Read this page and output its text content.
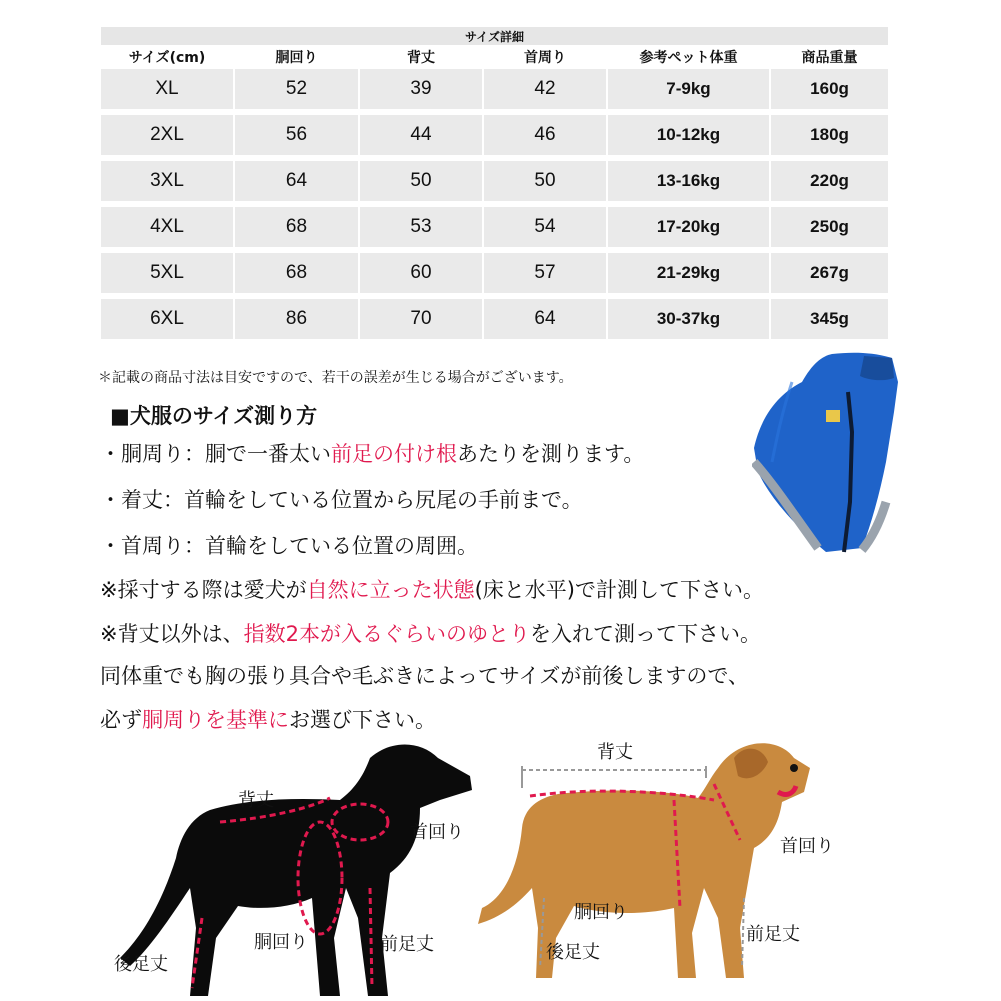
サイズ詳細					
サイズ(cm)	胴回り	背丈	首周り	参考ペット体重	商品重量
XL	52	39	42	7-9kg	160g

2XL	56	44	46	10-12kg	180g

3XL	64	50	50	13-16kg	220g

4XL	68	53	54	17-20kg	250g

5XL	68	60	57	21-29kg	267g

6XL	86	70	64	30-37kg	345g
＊記載の商品寸法は目安ですので、若干の誤差が生じる場合がございます。
■犬服のサイズ測り方
・胴周り：胴で一番太い前足の付け根あたりを測ります。
・着丈：首輪をしている位置から尻尾の手前まで。
・首周り：首輪をしている位置の周囲。
※採寸する際は愛犬が自然に立った状態(床と水平)で計測して下さい。
※背丈以外は、指数2本が入るぐらいのゆとりを入れて測って下さい。
同体重でも胸の張り具合や毛ぶきによってサイズが前後しますので、
必ず胴周りを基準にお選び下さい。
背丈
首回り
胴回り	前足丈
後足丈
背丈
首回り
胴回り
前足丈
後足丈
